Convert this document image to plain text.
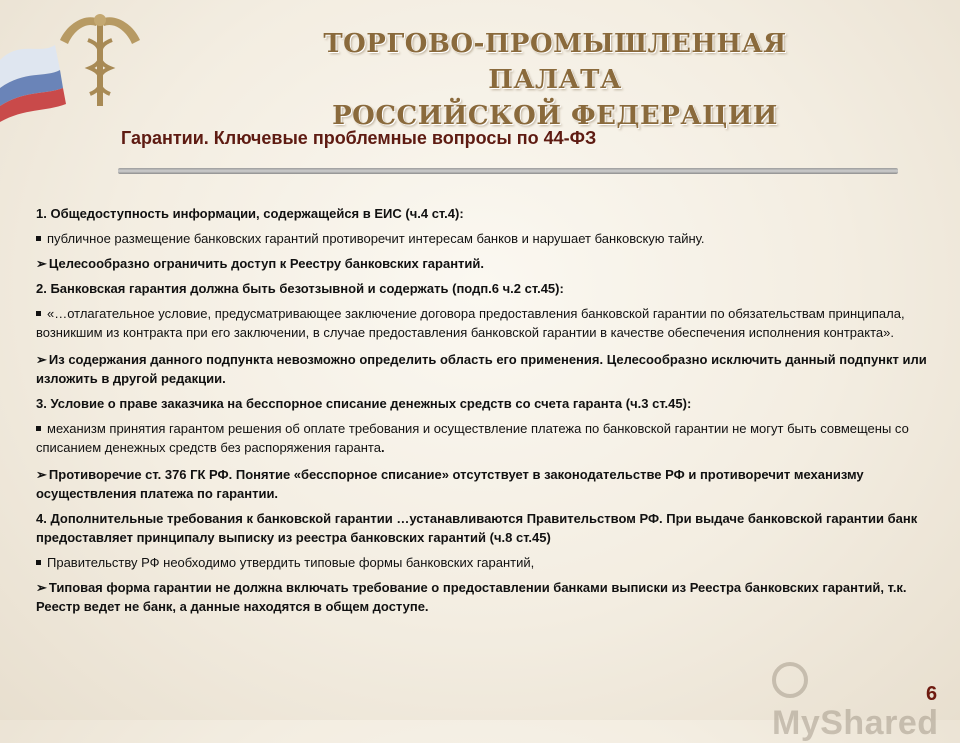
ТОРГОВО-ПРОМЫШЛЕННАЯ ПАЛАТА
РОССИЙСКОЙ ФЕДЕРАЦИИ
Гарантии. Ключевые проблемные вопросы по 44-ФЗ

1. Общедоступность информации, содержащейся в ЕИС (ч.4 ст.4):

публичное размещение банковских гарантий противоречит интересам банков и нарушает банковскую тайну.

➢ Целесообразно ограничить доступ к Реестру банковских гарантий.

2. Банковская гарантия должна быть безотзывной и содержать (подп.6 ч.2 ст.45):

«…отлагательное условие, предусматривающее заключение договора предоставления банковской гарантии по обязательствам принципала, возникшим из контракта при его заключении, в случае предоставления банковской гарантии в качестве обеспечения исполнения контракта».

➢ Из содержания данного подпункта невозможно определить область его применения. Целесообразно исключить данный подпункт или изложить в другой редакции.

3. Условие о праве заказчика на бесспорное списание денежных средств со счета гаранта (ч.3 ст.45):

механизм принятия гарантом решения об оплате требования и осуществление платежа по банковской гарантии не могут быть совмещены со списанием денежных средств без распоряжения гаранта.

➢ Противоречие ст. 376 ГК РФ. Понятие «бесспорное списание» отсутствует в законодательстве РФ и противоречит механизму осуществления платежа по гарантии.

4. Дополнительные требования к банковской гарантии …устанавливаются Правительством РФ. При выдаче банковской гарантии банк предоставляет принципалу выписку из реестра банковских гарантий (ч.8 ст.45)

Правительству РФ необходимо утвердить типовые формы банковских гарантий,

➢ Типовая форма гарантии не должна включать требование о предоставлении банками выписки из Реестра банковских гарантий, т.к. Реестр ведет не банк, а данные находятся в общем доступе.

MyShared
6
